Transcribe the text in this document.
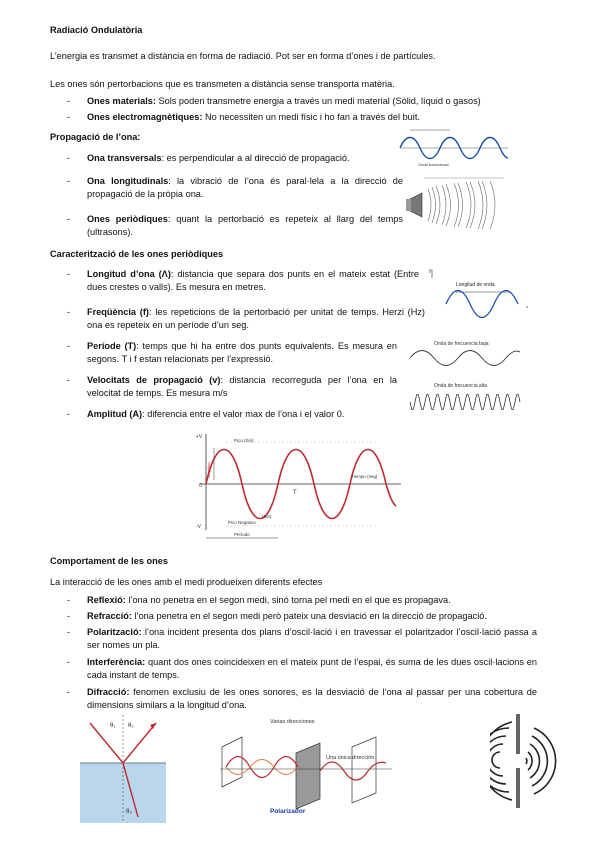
Radiació Ondulatòria
L’energia es transmet a distància en forma de radiació. Pot ser en forma d’ones i de partícules.
Les ones són pertorbacions que es transmeten a distància sense transporta matèria.
- Ones materials: Sols poden transmetre energia a través un medi material (Sòlid, líquid o gasos)
- Ones electromagnètiques: No necessiten un medi físic i ho fan a través del buit.
Propagació de l’ona:
- Ona transversals: es perpendicular a al direcció de propagació.
- Ona longitudinals: la vibració de l’ona és paral·lela a la direcció de propagació de la pròpia ona.
- Ones periòdiques: quant la pertorbació es repeteix al llarg del temps (ultrasons).
Caracterització de les ones periòdiques
- Longitud d’ona (Λ): distancia que separa dos punts en el mateix estat (Entre dues crestes o valls). Es mesura en metres.
- Freqüència (f): les repeticions de la pertorbació per unitat de temps. Herzi (Hz) ona es repeteix en un període d’un seg.
- Període (T): temps que hi ha entre dos punts equivalents. Es mesura en segons. T i f estan relacionats per l’expressió.
- Velocitats de propagació (v): distancia recorreguda per l’ona en la velocitat de temps. Es mesura m/s
- Amplitud (A): diferencia entre el valor max de l’ona i el valor 0.
Comportament de les ones
La interacció de les ones amb el medi produeixen diferents efectes
- Reflexió: l’ona no penetra en el segon medi, sinó torna pel medi en el que es propagava.
- Refracció: l’ona penetra en el segon medi però pateix una desviació en la direcció de propagació.
- Polarització: l’ona incident presenta dos plans d’oscil·lació i en travessar el polaritzador l’oscil·lació passa a ser nomes un pla.
- Interferència: quant dos ones coincideixen en el mateix punt de l’espai, és suma de les dues oscil·lacions en cada instant de temps.
- Difracció: fenomen exclusiu de les ones sonores, es la desviació de l’ona al passar per una cobertura de dimensions similars a la longitud d’ona.
Onda transversal
y
Longitud de onda
x
Onda de frecuencia baja
Onda de frecuencia alta
+V
-V
0
Amplitud
Pico (Sin)
(Sin)
Pico Negativo
Tiempo (seg)
T
Período
θ₁ θ₂
θ₃
Varias direcciones
Una única dirección
Polarizador
